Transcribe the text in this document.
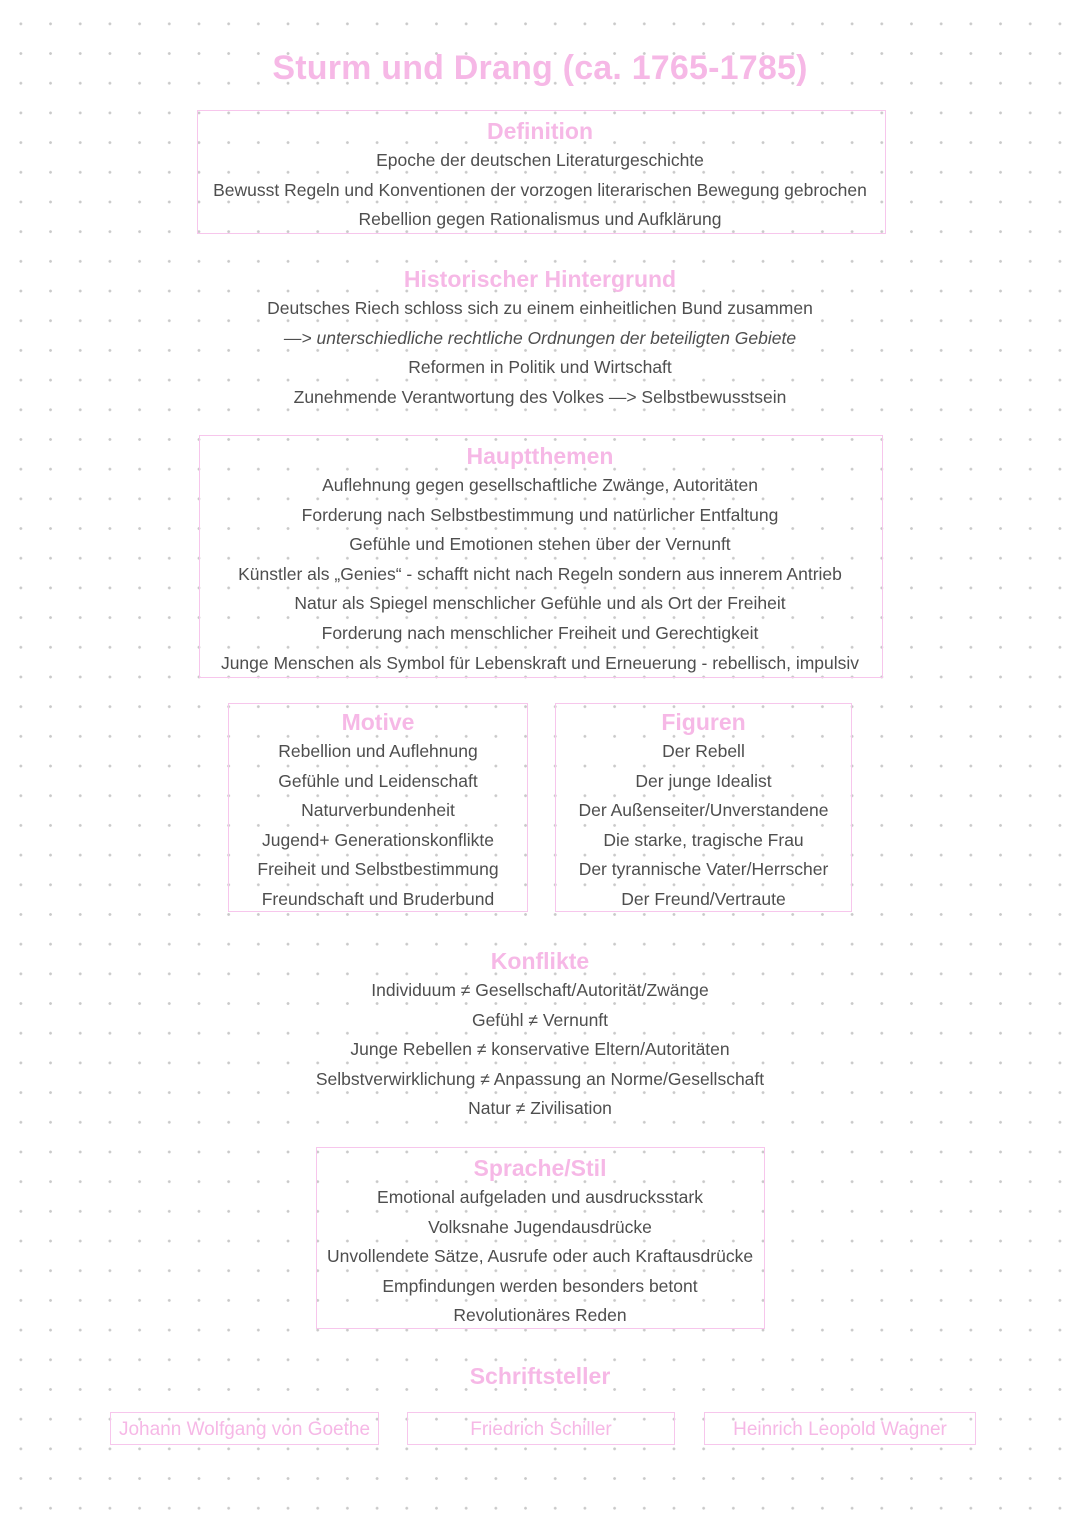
Sturm und Drang (ca. 1765-1785)
Definition
Epoche der deutschen Literaturgeschichte
Bewusst Regeln und Konventionen der vorzogen literarischen Bewegung gebrochen
Rebellion gegen Rationalismus und Aufklärung
Historischer Hintergrund
Deutsches Riech schloss sich zu einem einheitlichen Bund zusammen
—> unterschiedliche rechtliche Ordnungen der beteiligten Gebiete
Reformen in Politik und Wirtschaft
Zunehmende Verantwortung des Volkes —> Selbstbewusstsein
Hauptthemen
Auflehnung gegen gesellschaftliche Zwänge, Autoritäten
Forderung nach Selbstbestimmung und natürlicher Entfaltung
Gefühle und Emotionen stehen über der Vernunft
Künstler als „Genies“ - schafft nicht nach Regeln sondern aus innerem Antrieb
Natur als Spiegel menschlicher Gefühle und als Ort der Freiheit
Forderung nach menschlicher Freiheit und Gerechtigkeit
Junge Menschen als Symbol für Lebenskraft und Erneuerung - rebellisch, impulsiv
Motive
Rebellion und Auflehnung
Gefühle und Leidenschaft
Naturverbundenheit
Jugend+ Generationskonflikte
Freiheit und Selbstbestimmung
Freundschaft und Bruderbund
Figuren
Der Rebell
Der junge Idealist
Der Außenseiter/Unverstandene
Die starke, tragische Frau
Der tyrannische Vater/Herrscher
Der Freund/Vertraute
Konflikte
Individuum ≠ Gesellschaft/Autorität/Zwänge
Gefühl ≠ Vernunft
Junge Rebellen ≠ konservative Eltern/Autoritäten
Selbstverwirklichung ≠ Anpassung an Norme/Gesellschaft
Natur ≠ Zivilisation
Sprache/Stil
Emotional aufgeladen und ausdrucksstark
Volksnahe Jugendausdrücke
Unvollendete Sätze, Ausrufe oder auch Kraftausdrücke
Empfindungen werden besonders betont
Revolutionäres Reden
Schriftsteller
Johann Wolfgang von Goethe	Friedrich Schiller	Heinrich Leopold Wagner
